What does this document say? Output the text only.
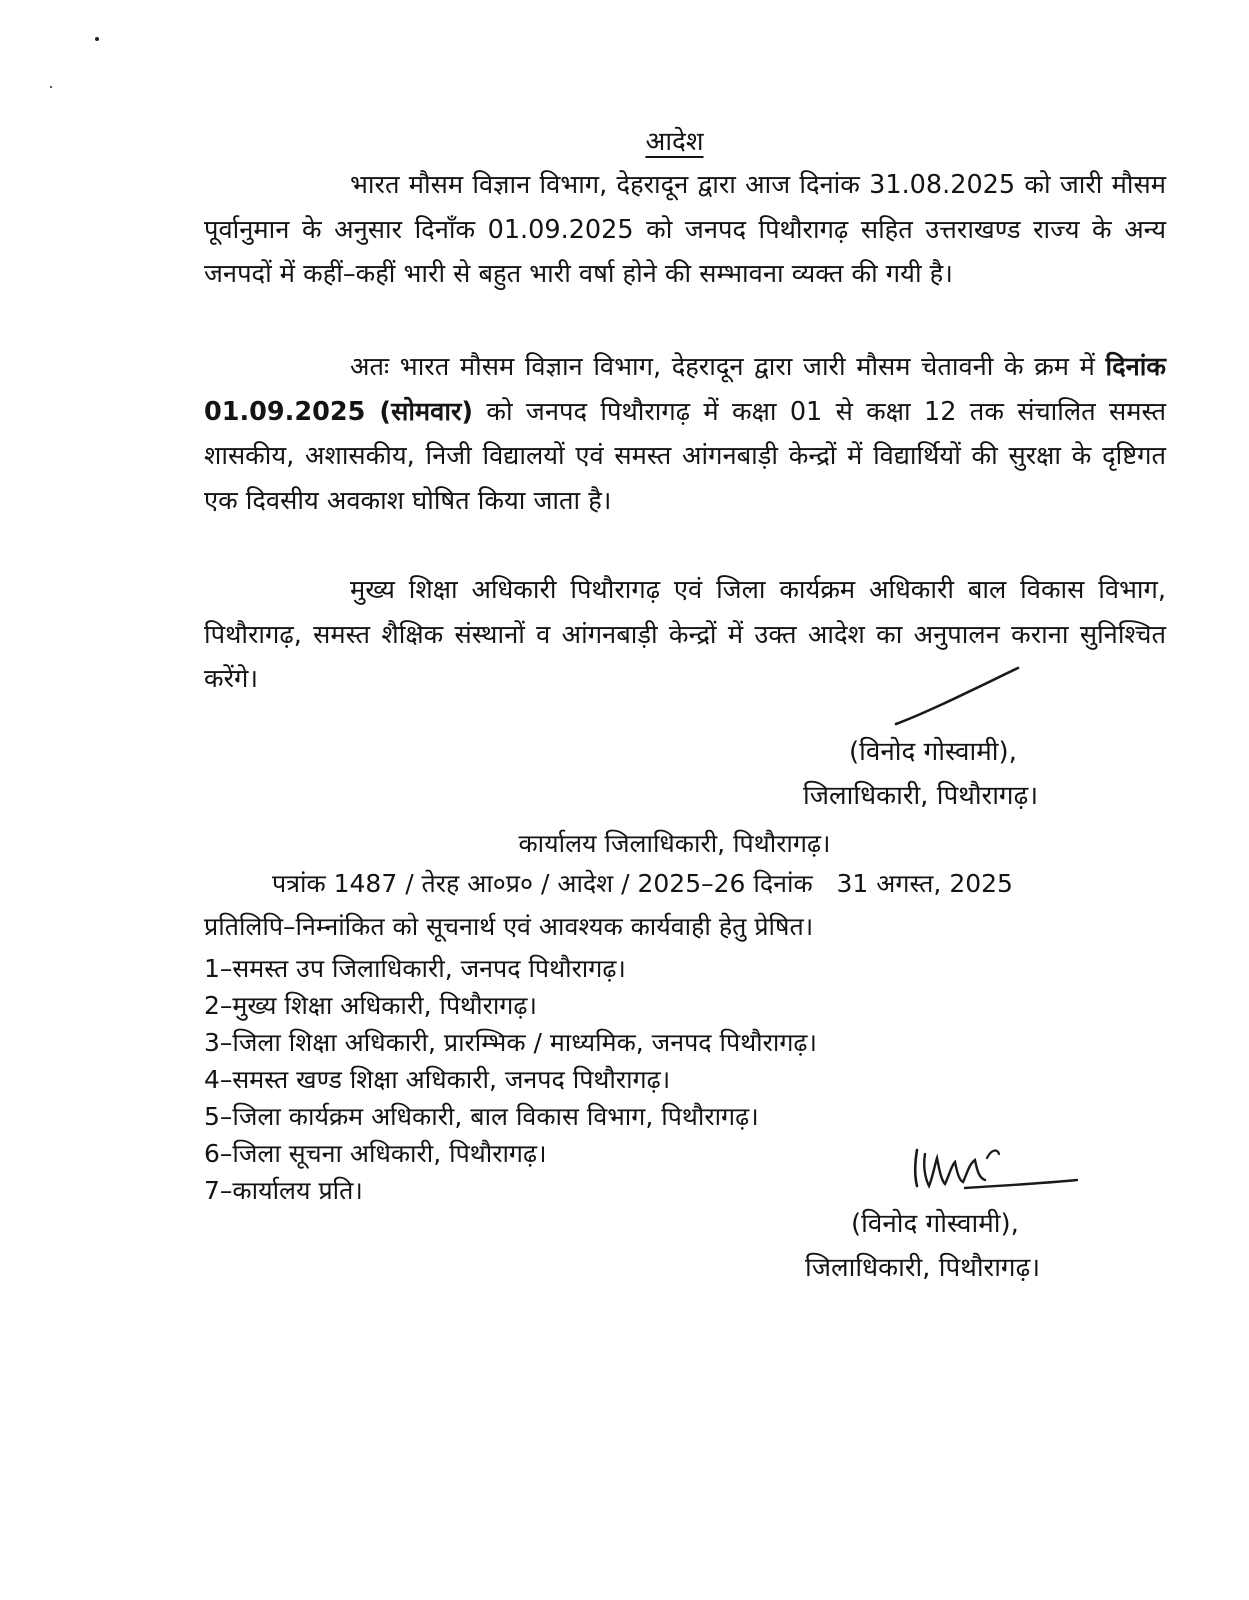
आदेश

भारत मौसम विज्ञान विभाग, देहरादून द्वारा आज दिनांक 31.08.2025 को जारी मौसम पूर्वानुमान के अनुसार दिनाँक 01.09.2025 को जनपद पिथौरागढ़ सहित उत्तराखण्ड राज्य के अन्य जनपदों में कहीं–कहीं भारी से बहुत भारी वर्षा होने की सम्भावना व्यक्त की गयी है।

अतः भारत मौसम विज्ञान विभाग, देहरादून द्वारा जारी मौसम चेतावनी के क्रम में दिनांक 01.09.2025 (सोमवार) को जनपद पिथौरागढ़ में कक्षा 01 से कक्षा 12 तक संचालित समस्त शासकीय, अशासकीय, निजी विद्यालयों एवं समस्त आंगनबाड़ी केन्द्रों में विद्यार्थियों की सुरक्षा के दृष्टिगत एक दिवसीय अवकाश घोषित किया जाता है।

मुख्य शिक्षा अधिकारी पिथौरागढ़ एवं जिला कार्यक्रम अधिकारी बाल विकास विभाग, पिथौरागढ़, समस्त शैक्षिक संस्थानों व आंगनबाड़ी केन्द्रों में उक्त आदेश का अनुपालन कराना सुनिश्चित करेंगे।

(विनोद गोस्वामी),
जिलाधिकारी, पिथौरागढ़।
कार्यालय जिलाधिकारी, पिथौरागढ़।
पत्रांक 1487 / तेरह आ०प्र० / आदेश / 2025–26 दिनांक   31 अगस्त, 2025
प्रतिलिपि–निम्नांकित को सूचनार्थ एवं आवश्यक कार्यवाही हेतु प्रेषित।
1–समस्त उप जिलाधिकारी, जनपद पिथौरागढ़।
2–मुख्य शिक्षा अधिकारी, पिथौरागढ़।
3–जिला शिक्षा अधिकारी, प्रारम्भिक / माध्यमिक, जनपद पिथौरागढ़।
4–समस्त खण्ड शिक्षा अधिकारी, जनपद पिथौरागढ़।
5–जिला कार्यक्रम अधिकारी, बाल विकास विभाग, पिथौरागढ़।
6–जिला सूचना अधिकारी, पिथौरागढ़।
7–कार्यालय प्रति।
(विनोद गोस्वामी),
जिलाधिकारी, पिथौरागढ़।
